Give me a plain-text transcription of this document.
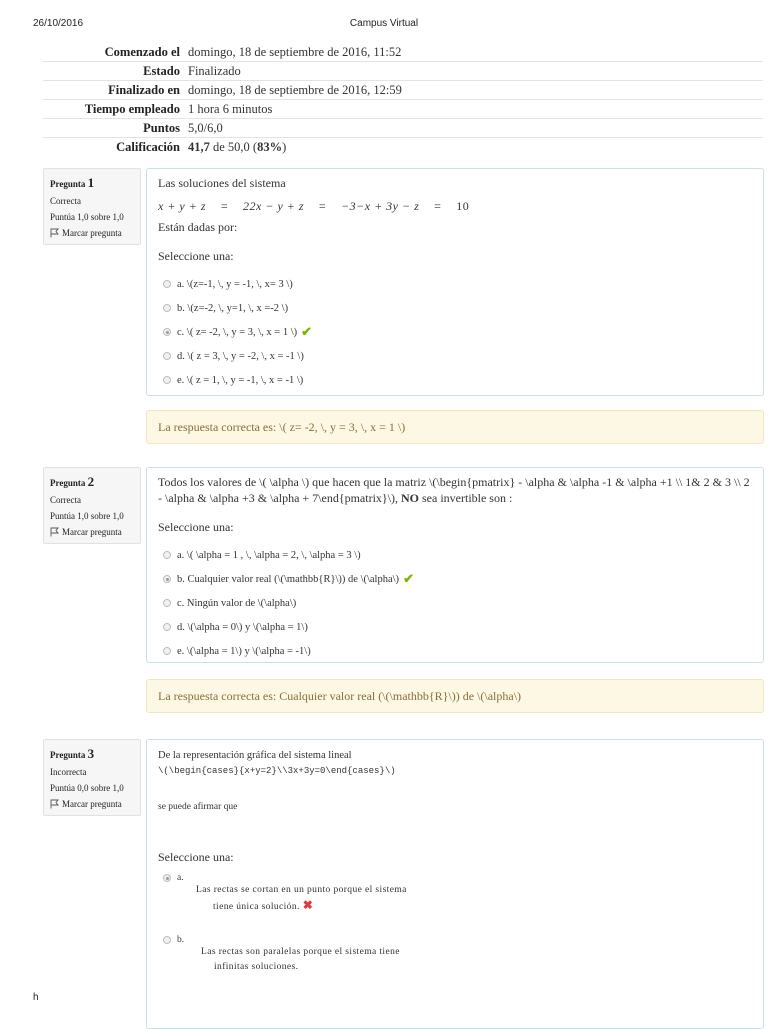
26/10/2016	Campus Virtual
Comenzado el	domingo, 18 de septiembre de 2016, 11:52
Estado	Finalizado
Finalizado en	domingo, 18 de septiembre de 2016, 12:59
Tiempo empleado	1 hora 6 minutos
Puntos	5,0/6,0
Calificación	41,7 de 50,0 (83%)
Pregunta 1
Correcta
Puntúa 1,0 sobre 1,0
Marcar pregunta
Las soluciones del sistema
x + y + z = 22x − y + z = −3−x + 3y − z = 10
Están dadas por:
Seleccione una:
a. \(z=-1, \, y = -1, \, x= 3 \)
b. \(z=-2, \, y=1, \, x =-2 \)
c. \( z= -2, \, y = 3, \, x = 1 \) ✔
d. \( z = 3, \, y = -2, \, x = -1 \)
e. \( z = 1, \, y = -1, \, x = -1 \)
La respuesta correcta es: \( z= -2, \, y = 3, \, x = 1 \)
Pregunta 2
Correcta
Puntúa 1,0 sobre 1,0
Marcar pregunta
Todos los valores de \( \alpha \) que hacen que la matriz \(\begin{pmatrix} - \alpha & \alpha -1 & \alpha +1 \\ 1& 2 & 3 \\ 2 - \alpha & \alpha +3 & \alpha + 7\end{pmatrix}\), NO sea invertible son :
Seleccione una:
a. \( \alpha = 1 , \, \alpha = 2, \, \alpha = 3 \)
b. Cualquier valor real (\(\mathbb{R}\)) de \(\alpha\) ✔
c. Ningún valor de \(\alpha\)
d. \(\alpha = 0\) y \(\alpha = 1\)
e. \(\alpha = 1\) y \(\alpha = -1\)
La respuesta correcta es: Cualquier valor real (\(\mathbb{R}\)) de \(\alpha\)
Pregunta 3
Incorrecta
Puntúa 0,0 sobre 1,0
Marcar pregunta
De la representación gráfica del sistema lineal
\(\begin{cases}{x+y=2}\\3x+3y=0\end{cases}\)
se puede afirmar que
Seleccione una:
a.
Las rectas se cortan en un punto porque el sistema
tiene única solución. ✖
b.
Las rectas son paralelas porque el sistema tiene
infinitas soluciones.
h
